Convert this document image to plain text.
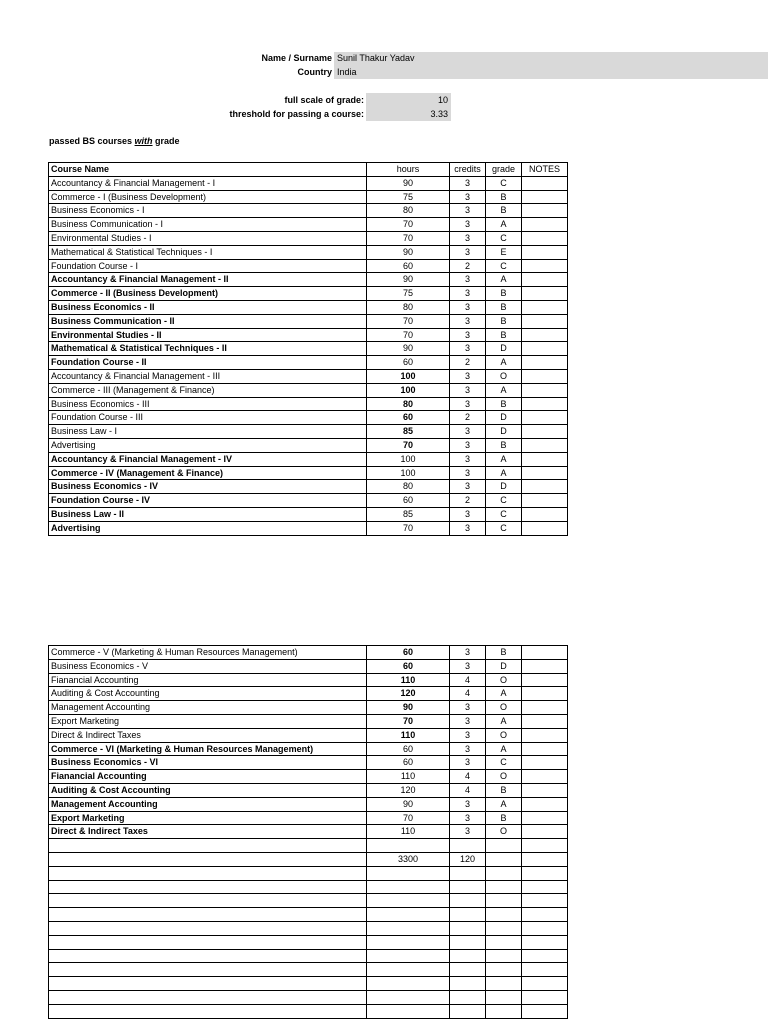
Name / Surname Sunil Thakur Yadav
Country India
full scale of grade:	10
threshold for passing a course:	3.33
passed BS courses with grade
Course Name	hours	credits	grade	NOTES
Accountancy & Financial Management - I	90	3	C	
Commerce - I (Business Development)	75	3	B	
Business Economics - I	80	3	B	
Business Communication - I	70	3	A	
Environmental Studies - I	70	3	C	
Mathematical & Statistical Techniques - I	90	3	E	
Foundation Course - I	60	2	C	
Accountancy & Financial Management - II	90	3	A	
Commerce - II (Business Development)	75	3	B	
Business Economics - II	80	3	B	
Business Communication - II	70	3	B	
Environmental Studies - II	70	3	B	
Mathematical & Statistical Techniques - II	90	3	D	
Foundation Course - II	60	2	A	
Accountancy & Financial Management - III	100	3	O	
Commerce - III (Management & Finance)	100	3	A	
Business Economics - III	80	3	B	
Foundation Course - III	60	2	D	
Business Law - I	85	3	D	
Advertising	70	3	B	
Accountancy & Financial Management - IV	100	3	A	
Commerce - IV (Management & Finance)	100	3	A	
Business Economics - IV	80	3	D	
Foundation Course - IV	60	2	C	
Business Law - II	85	3	C	
Advertising	70	3	C	
Commerce - V (Marketing & Human Resources Management)	60	3	B	
Business Economics - V	60	3	D	
Fianancial Accounting	110	4	O	
Auditing & Cost Accounting	120	4	A	
Management Accounting	90	3	O	
Export Marketing	70	3	A	
Direct & Indirect Taxes	110	3	O	
Commerce - VI (Marketing & Human Resources Management)	60	3	A	
Business Economics - VI	60	3	C	
Fianancial Accounting	110	4	O	
Auditing & Cost Accounting	120	4	B	
Management Accounting	90	3	A	
Export Marketing	70	3	B	
Direct & Indirect Taxes	110	3	O	

	3300	120		
